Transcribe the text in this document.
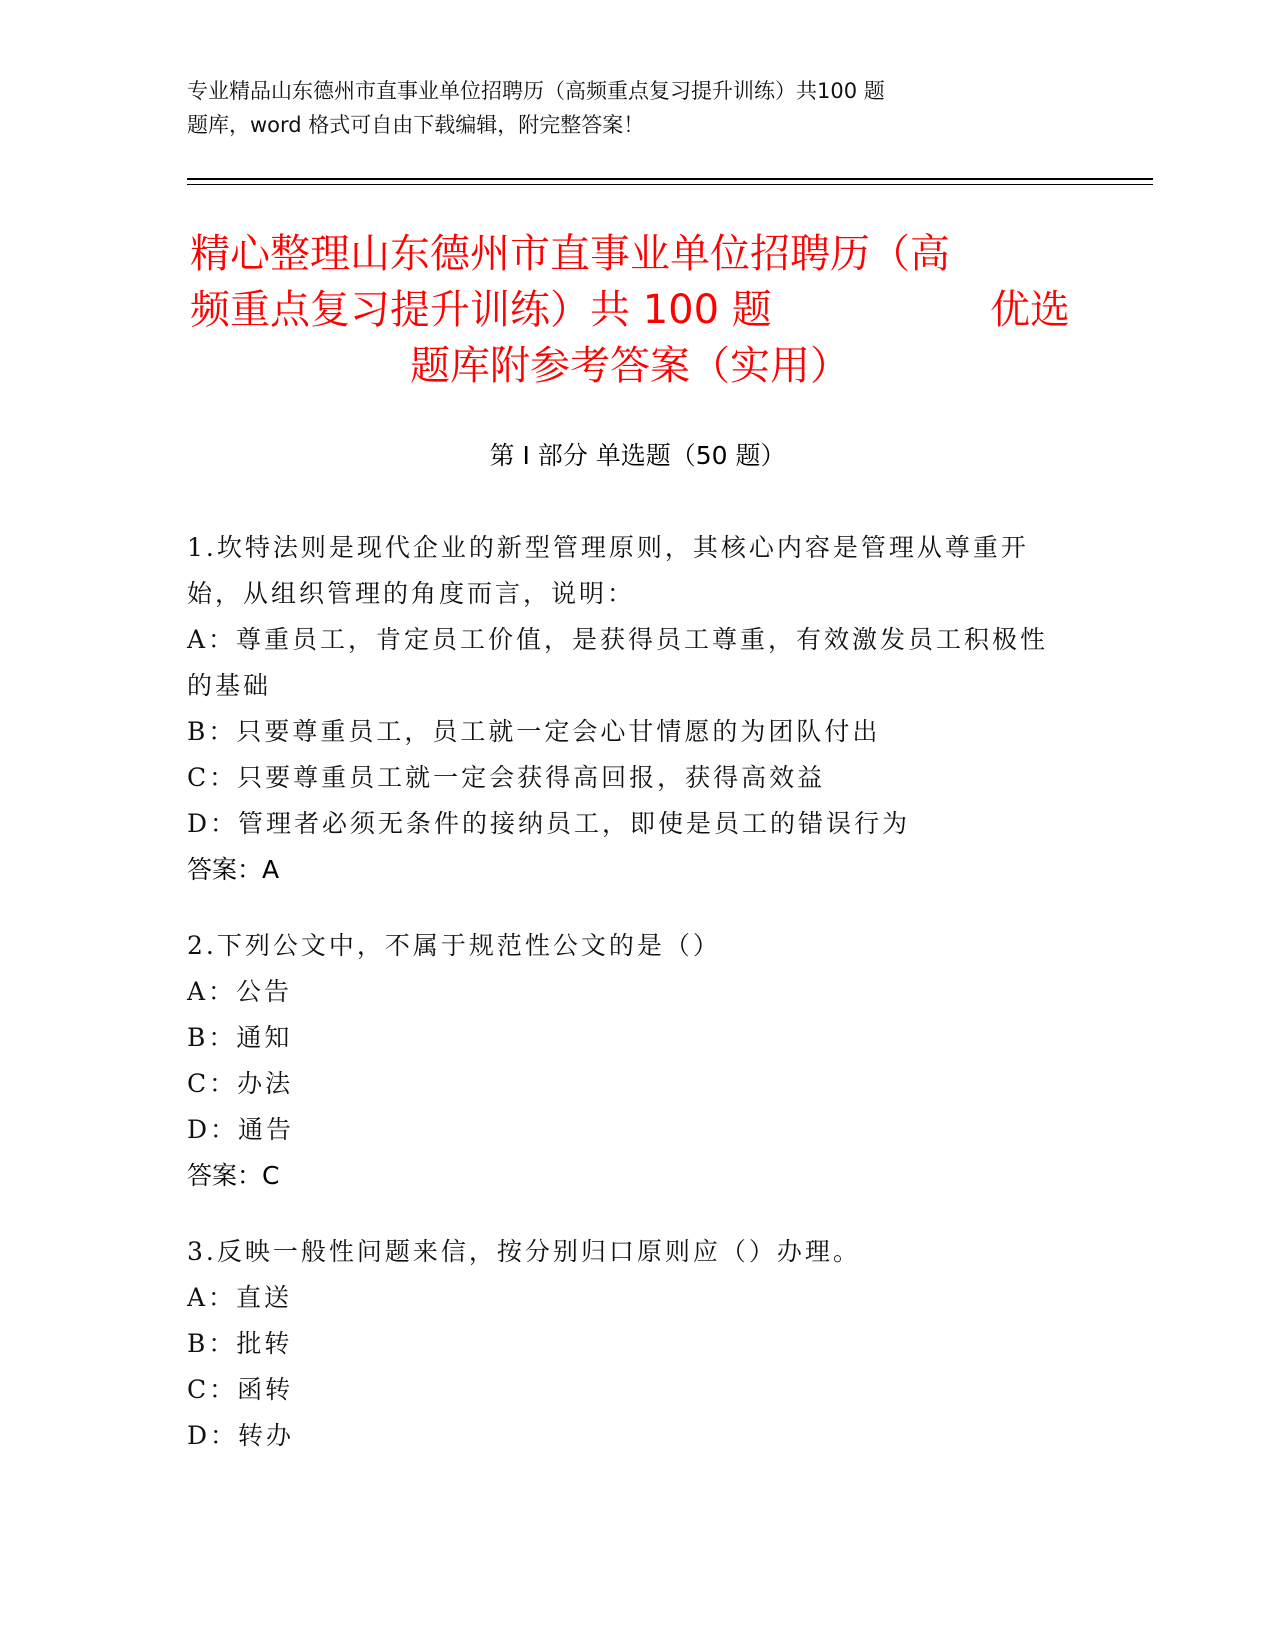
专业精品山东德州市直事业单位招聘历（高频重点复习提升训练）共100 题
题库，word 格式可自由下载编辑，附完整答案！
精心整理山东德州市直事业单位招聘历（高
频重点复习提升训练）共 100 题	优选
题库附参考答案（实用）
第 I 部分 单选题（50 题）
1.坎特法则是现代企业的新型管理原则，其核心内容是管理从尊重开
始，从组织管理的角度而言，说明：
A：尊重员工，肯定员工价值，是获得员工尊重，有效激发员工积极性
的基础
B：只要尊重员工，员工就一定会心甘情愿的为团队付出
C：只要尊重员工就一定会获得高回报，获得高效益
D：管理者必须无条件的接纳员工，即使是员工的错误行为
答案：A
2.下列公文中，不属于规范性公文的是（）
A：公告
B：通知
C：办法
D：通告
答案：C
3.反映一般性问题来信，按分别归口原则应（）办理。
A：直送
B：批转
C：函转
D：转办
